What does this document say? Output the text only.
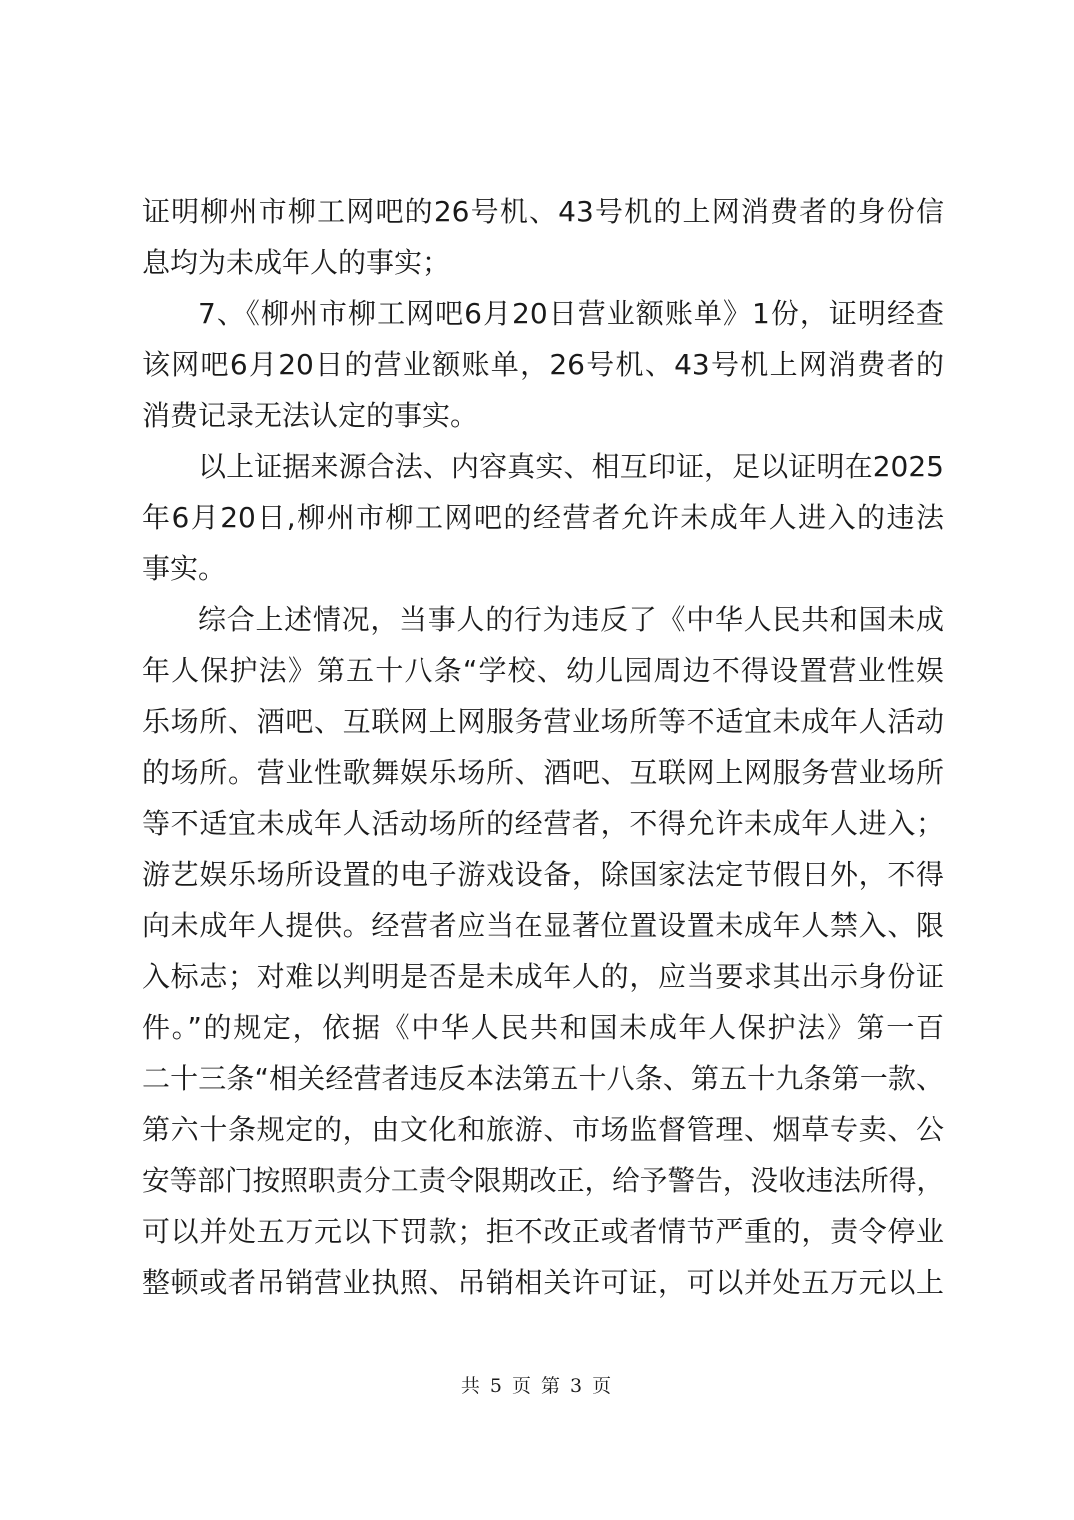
证明柳州市柳工网吧的26号机、43号机的上网消费者的身份信
息均为未成年人的事实；
7、《柳州市柳工网吧6月20日营业额账单》1份，证明经查
该网吧6月20日的营业额账单，26号机、43号机上网消费者的
消费记录无法认定的事实。
以上证据来源合法、内容真实、相互印证，足以证明在2025
年6月20日,柳州市柳工网吧的经营者允许未成年人进入的违法
事实。
综合上述情况，当事人的行为违反了《中华人民共和国未成
年人保护法》第五十八条“学校、幼儿园周边不得设置营业性娱
乐场所、酒吧、互联网上网服务营业场所等不适宜未成年人活动
的场所。营业性歌舞娱乐场所、酒吧、互联网上网服务营业场所
等不适宜未成年人活动场所的经营者，不得允许未成年人进入；
游艺娱乐场所设置的电子游戏设备，除国家法定节假日外，不得
向未成年人提供。经营者应当在显著位置设置未成年人禁入、限
入标志；对难以判明是否是未成年人的，应当要求其出示身份证
件。”的规定，依据《中华人民共和国未成年人保护法》第一百
二十三条“相关经营者违反本法第五十八条、第五十九条第一款、
第六十条规定的，由文化和旅游、市场监督管理、烟草专卖、公
安等部门按照职责分工责令限期改正，给予警告，没收违法所得，
可以并处五万元以下罚款；拒不改正或者情节严重的，责令停业
整顿或者吊销营业执照、吊销相关许可证，可以并处五万元以上
共 5 页 第 3 页
